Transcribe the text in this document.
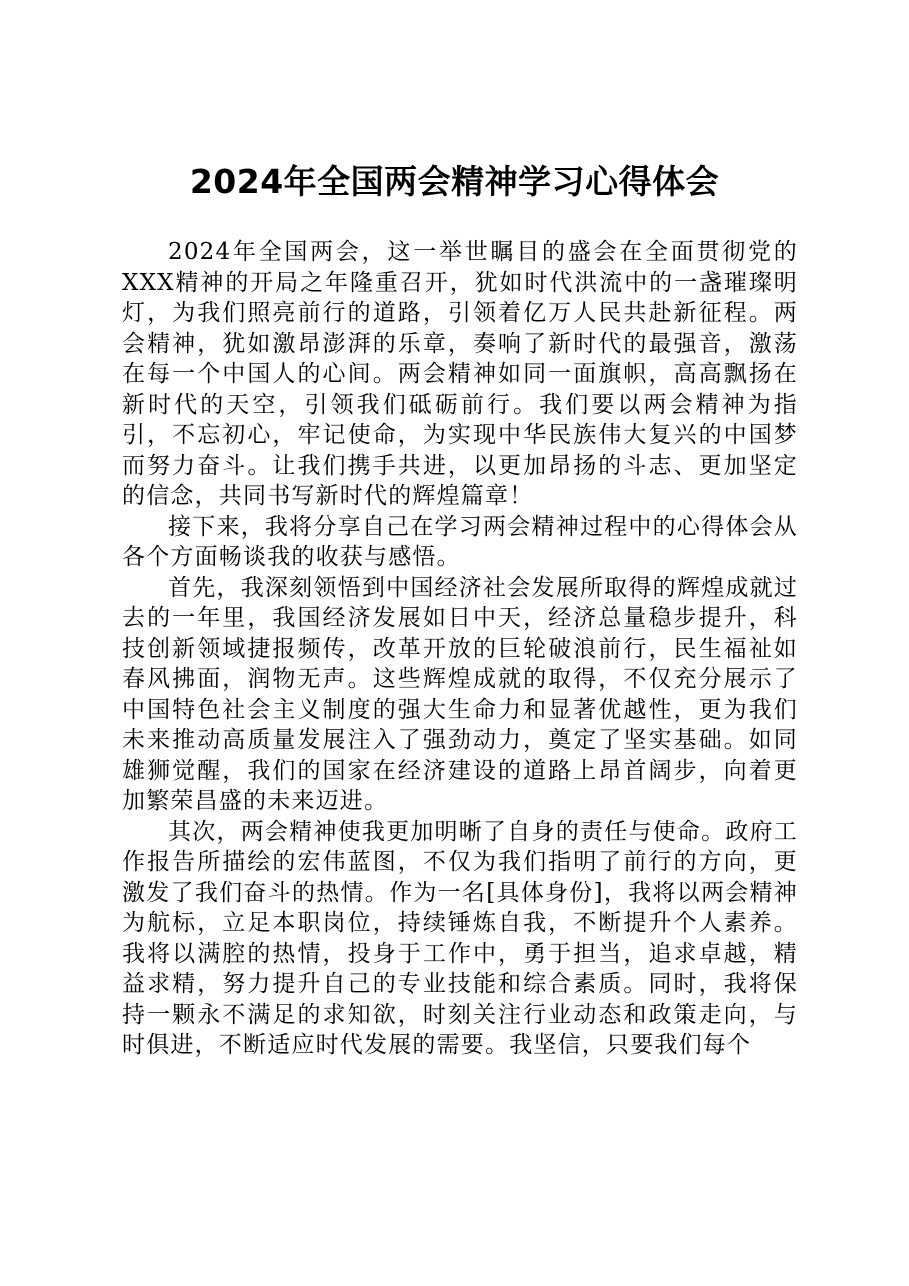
2024年全国两会精神学习心得体会

2024年全国两会，这一举世瞩目的盛会在全面贯彻党的XXX精神的开局之年隆重召开，犹如时代洪流中的一盏璀璨明灯，为我们照亮前行的道路，引领着亿万人民共赴新征程。两会精神，犹如激昂澎湃的乐章，奏响了新时代的最强音，激荡在每一个中国人的心间。两会精神如同一面旗帜，高高飘扬在新时代的天空，引领我们砥砺前行。我们要以两会精神为指引，不忘初心，牢记使命，为实现中华民族伟大复兴的中国梦而努力奋斗。让我们携手共进，以更加昂扬的斗志、更加坚定的信念，共同书写新时代的辉煌篇章！

接下来，我将分享自己在学习两会精神过程中的心得体会从各个方面畅谈我的收获与感悟。

首先，我深刻领悟到中国经济社会发展所取得的辉煌成就过去的一年里，我国经济发展如日中天，经济总量稳步提升，科技创新领域捷报频传，改革开放的巨轮破浪前行，民生福祉如春风拂面，润物无声。这些辉煌成就的取得，不仅充分展示了中国特色社会主义制度的强大生命力和显著优越性，更为我们未来推动高质量发展注入了强劲动力，奠定了坚实基础。如同雄狮觉醒，我们的国家在经济建设的道路上昂首阔步，向着更加繁荣昌盛的未来迈进。

其次，两会精神使我更加明晰了自身的责任与使命。政府工作报告所描绘的宏伟蓝图，不仅为我们指明了前行的方向，更激发了我们奋斗的热情。作为一名[具体身份]，我将以两会精神为航标，立足本职岗位，持续锤炼自我，不断提升个人素养。我将以满腔的热情，投身于工作中，勇于担当，追求卓越，精益求精，努力提升自己的专业技能和综合素质。同时，我将保持一颗永不满足的求知欲，时刻关注行业动态和政策走向，与时俱进，不断适应时代发展的需要。我坚信，只要我们每个
